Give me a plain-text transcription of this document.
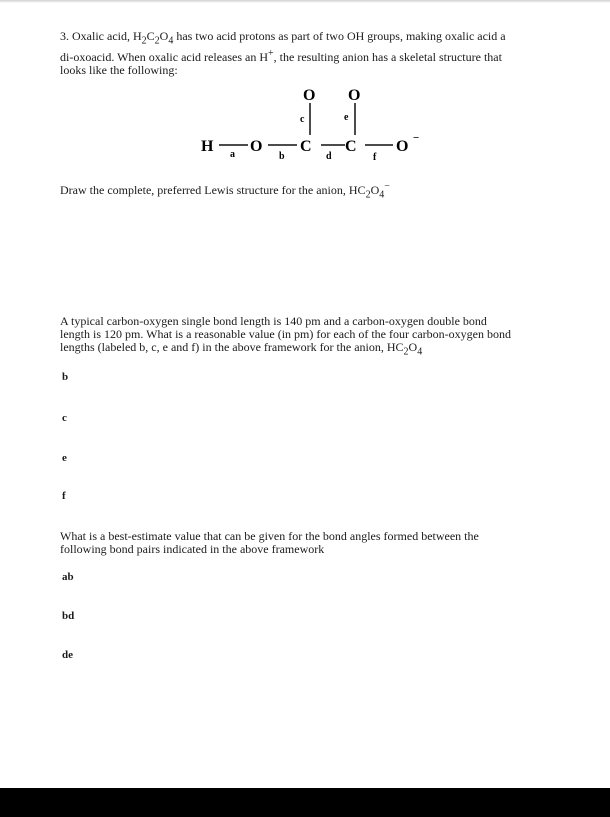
3. Oxalic acid, $H_2C_2O_4$ has two acid protons as part of two OH groups, making oxalic acid a
di-oxoacid. When oxalic acid releases an H+, the resulting anion has a skeletal structure that
looks like the following:
H O C C O −
O O
a	b
c
d
e
f
Draw the complete, preferred Lewis structure for the anion, $HC_2O_4^-$
A typical carbon-oxygen single bond length is 140 pm and a carbon-oxygen double bond
length is 120 pm. What is a reasonable value (in pm) for each of the four carbon-oxygen bond
lengths (labeled b, c, e and f) in the above framework for the anion, $HC_2O_4$
b
c
e
f
What is a best-estimate value that can be given for the bond angles formed between the
following bond pairs indicated in the above framework
ab
bd
de
